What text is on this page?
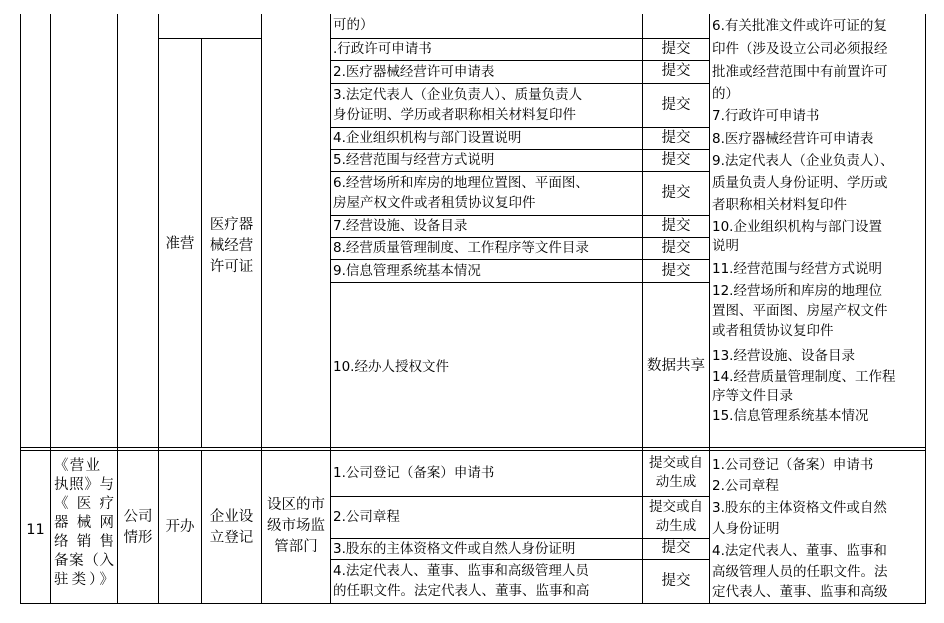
准营
医疗器
械经营
许可证
可的）
.行政许可申请书
2.医疗器械经营许可申请表
3.法定代表人（企业负责人）、质量负责人
身份证明、学历或者职称相关材料复印件
4.企业组织机构与部门设置说明
5.经营范围与经营方式说明
6.经营场所和库房的地理位置图、平面图、
房屋产权文件或者租赁协议复印件
7.经营设施、设备目录
8.经营质量管理制度、工作程序等文件目录
9.信息管理系统基本情况
10.经办人授权文件
提交
提交
提交
提交
提交
提交
提交
提交
提交
数据共享
6.有关批准文件或许可证的复
印件（涉及设立公司必须报经
批准或经营范围中有前置许可
的）
7.行政许可申请书
8.医疗器械经营许可申请表
9.法定代表人（企业负责人）、
质量负责人身份证明、学历或
者职称相关材料复印件
10.企业组织机构与部门设置
说明
11.经营范围与经营方式说明
12.经营场所和库房的地理位
置图、平面图、房屋产权文件
或者租赁协议复印件
13.经营设施、设备目录
14.经营质量管理制度、工作程
序等文件目录
15.信息管理系统基本情况
11
《营业
执照》与
《 医 疗
器 械 网
络 销 售
备案（入
驻类）》
公司
情形
开办
企业设
立登记
设区的市
级市场监
管部门
1.公司登记（备案）申请书
2.公司章程
3.股东的主体资格文件或自然人身份证明
4.法定代表人、董事、监事和高级管理人员
的任职文件。法定代表人、董事、监事和高
提交或自
动生成
提交或自
动生成
提交
提交
1.公司登记（备案）申请书
2.公司章程
3.股东的主体资格文件或自然
人身份证明
4.法定代表人、董事、监事和
高级管理人员的任职文件。法
定代表人、董事、监事和高级
